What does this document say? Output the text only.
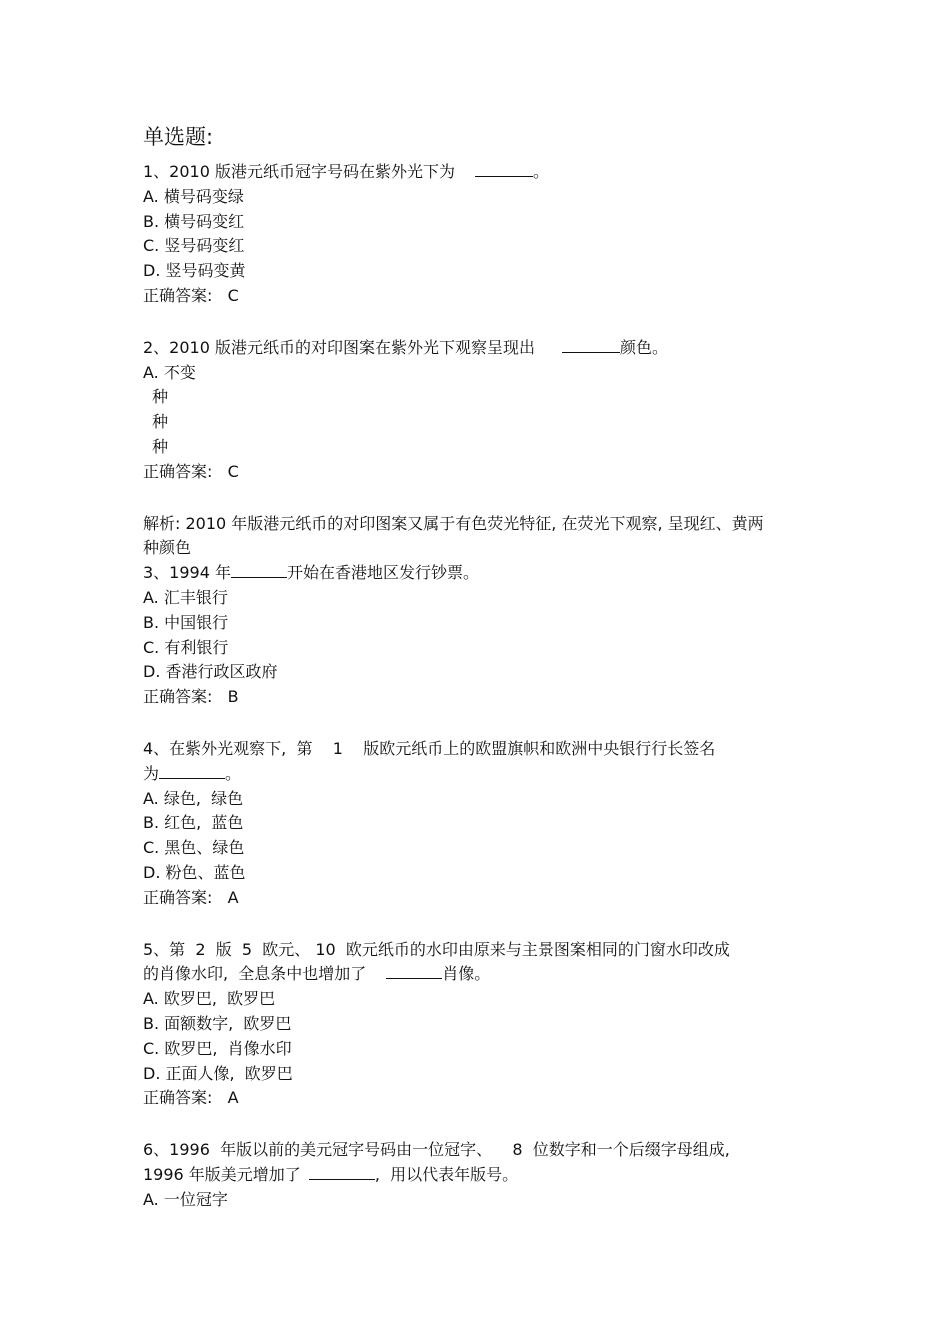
单选题:
1、2010 版港元纸币冠字号码在紫外光下为	。
A. 横号码变绿
B. 横号码变红
C. 竖号码变红
D. 竖号码变黄
正确答案:   C
2、2010 版港元纸币的对印图案在紫外光下观察呈现出	颜色。
A. 不变
种
种
种
正确答案:   C
解析: 2010 年版港元纸币的对印图案又属于有色荧光特征, 在荧光下观察, 呈现红、黄两种颜色
3、1994 年	开始在香港地区发行钞票。
A. 汇丰银行
B. 中国银行
C. 有利银行
D. 香港行政区政府
正确答案:   B
4、在紫外光观察下,  第    1    版欧元纸币上的欧盟旗帜和欧洲中央银行行长签名
为	。
A. 绿色,  绿色
B. 红色,  蓝色
C. 黑色、绿色
D. 粉色、蓝色
正确答案:   A
5、第  2  版  5  欧元、 10  欧元纸币的水印由原来与主景图案相同的门窗水印改成
的肖像水印,  全息条中也增加了	肖像。
A. 欧罗巴,  欧罗巴
B. 面额数字,  欧罗巴
C. 欧罗巴,  肖像水印
D. 正面人像,  欧罗巴
正确答案:   A
6、1996  年版以前的美元冠字号码由一位冠字、    8  位数字和一个后缀字母组成,
1996 年版美元增加了	,  用以代表年版号。
A. 一位冠字
